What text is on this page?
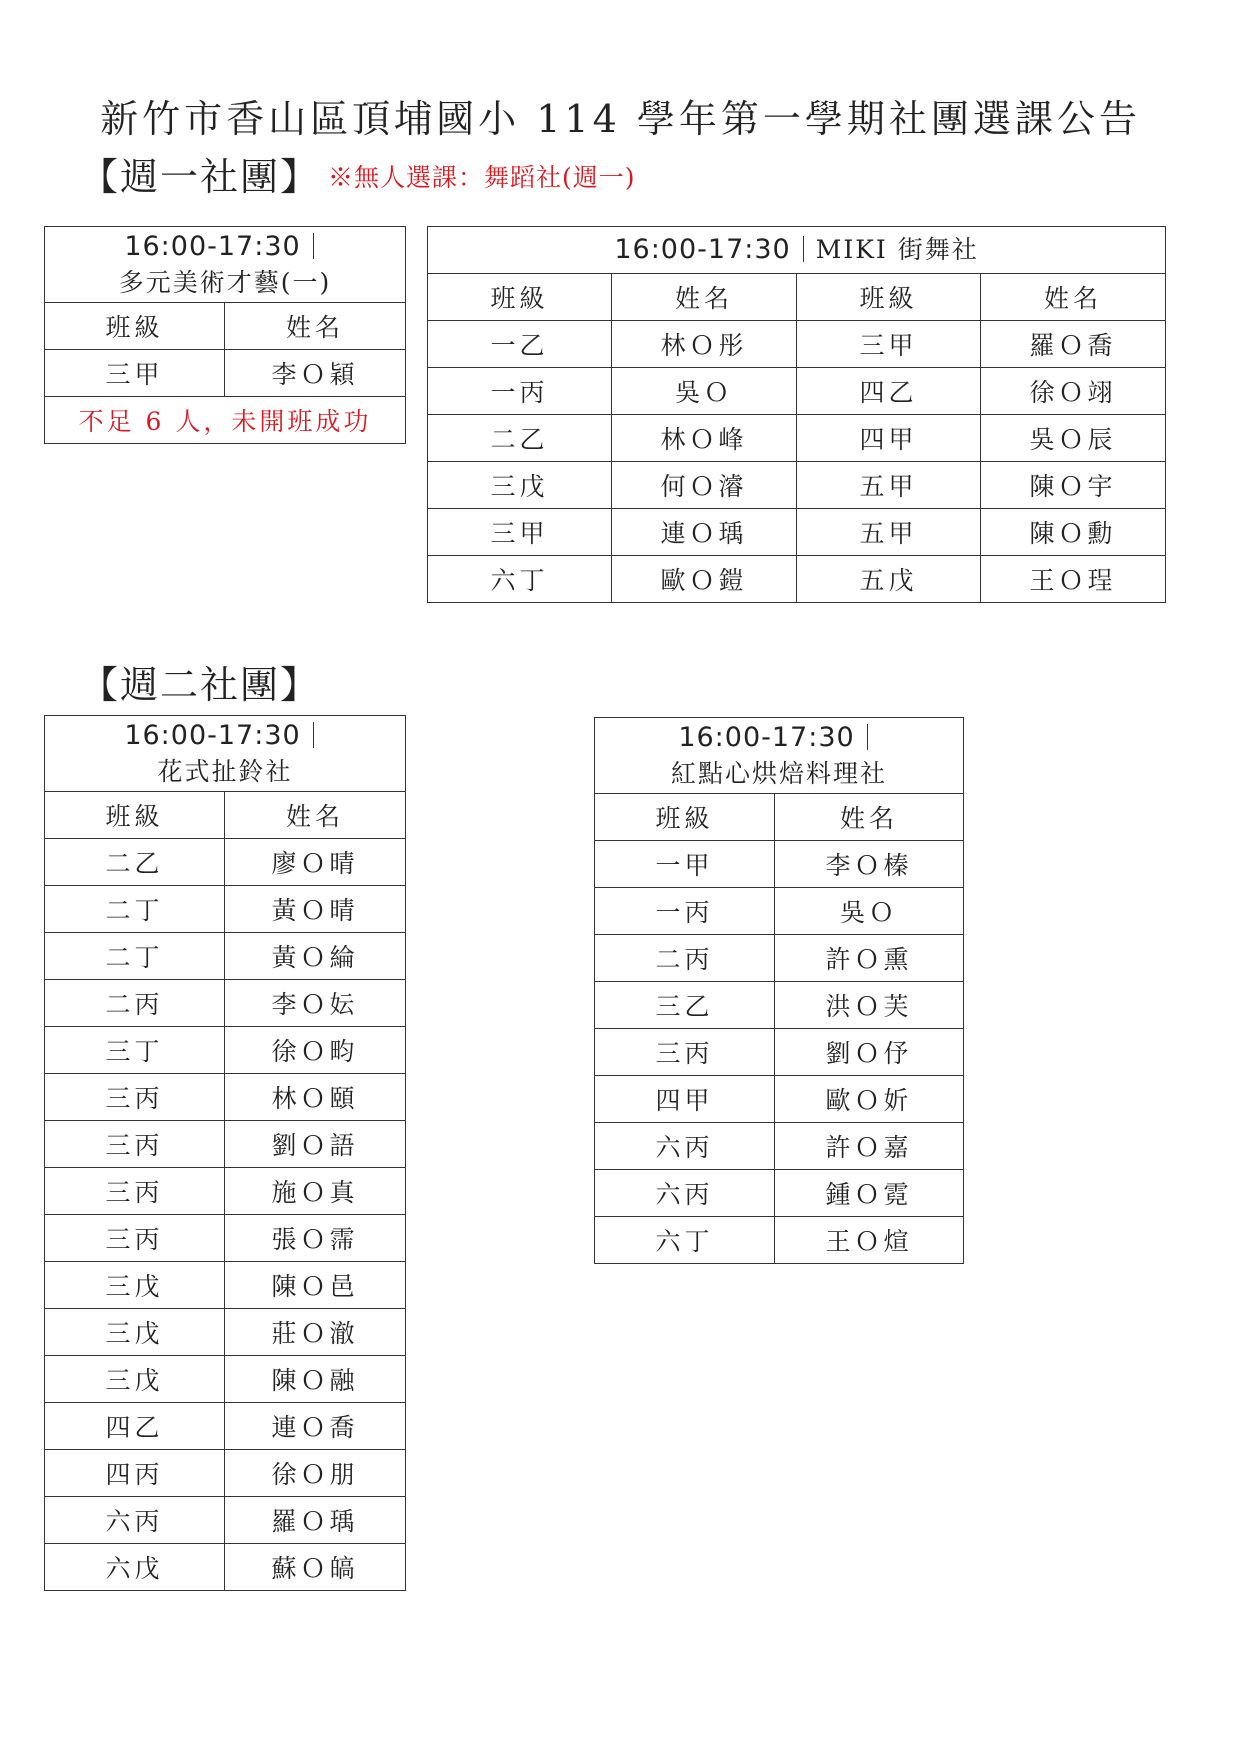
新竹市香山區頂埔國小 114 學年第一學期社團選課公告
【週一社團】 ※無人選課：舞蹈社(週一)
16:00-17:30
多元美術才藝(一)	
班級	姓名
三甲	李Ｏ穎
不足 6 人，未開班成功	
16:00-17:30 MIKI 街舞社			
班級	姓名	班級	姓名
一乙	林Ｏ彤	三甲	羅Ｏ喬
一丙	吳Ｏ	四乙	徐Ｏ翊
二乙	林Ｏ峰	四甲	吳Ｏ辰
三戊	何Ｏ濬	五甲	陳Ｏ宇
三甲	連Ｏ瑀	五甲	陳Ｏ勳
六丁	歐Ｏ鎧	五戊	王Ｏ珵
【週二社團】
16:00-17:30
花式扯鈴社	
班級	姓名
二乙	廖Ｏ晴
二丁	黃Ｏ晴
二丁	黃Ｏ綸
二丙	李Ｏ妘
三丁	徐Ｏ畇
三丙	林Ｏ頤
三丙	劉Ｏ語
三丙	施Ｏ真
三丙	張Ｏ霈
三戊	陳Ｏ邑
三戊	莊Ｏ澈
三戊	陳Ｏ融
四乙	連Ｏ喬
四丙	徐Ｏ朋
六丙	羅Ｏ瑀
六戊	蘇Ｏ皜
16:00-17:30
紅點心烘焙料理社	
班級	姓名
一甲	李Ｏ榛
一丙	吳Ｏ
二丙	許Ｏ熏
三乙	洪Ｏ芙
三丙	劉Ｏ伃
四甲	歐Ｏ妡
六丙	許Ｏ嘉
六丙	鍾Ｏ霓
六丁	王Ｏ煊
